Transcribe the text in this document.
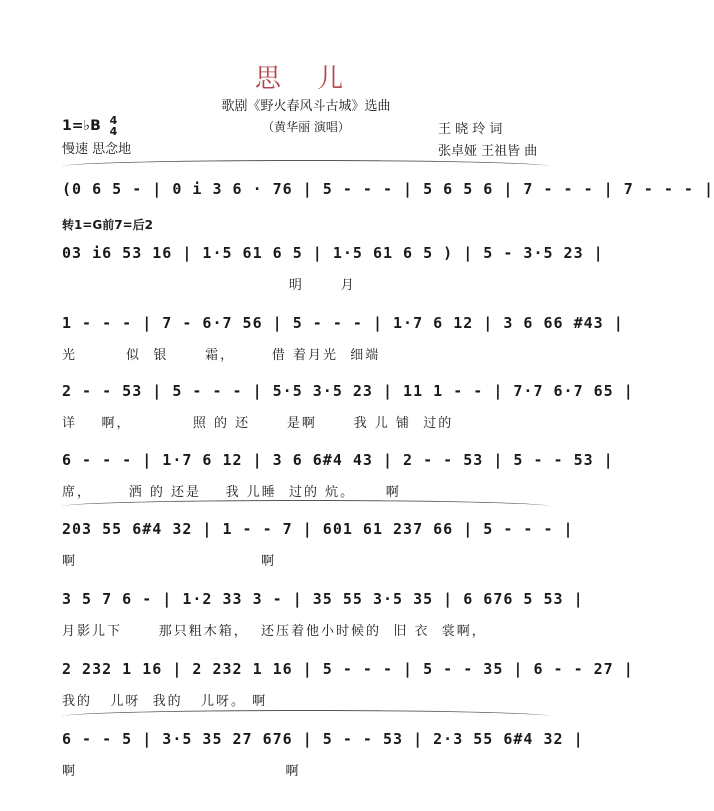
思 儿
歌剧《野火春风斗古城》选曲
（黄华丽 演唱）
1=♭B 4
4
慢速 思念地
王 晓 玲 词
张卓娅 王祖皆 曲
转1=G前7=后2
(0 6 5 - | 0 i 3 6 · 76 | 5 - - - | 5 6 5 6 | 7 - - - | 7 - - - |
03 i6 53 16 | 1·5 61 6 5 | 1·5 61 6 5 ) | 5 - 3·5 23 |
明      月
1 - - - | 7 - 6·7 56 | 5 - - - | 1·7 6 12 | 3 6 66 #43 |
光        似  银      霜，      借 着月光  细端
2 - - 53 | 5 - - - | 5·5 3·5 23 | 11 1 - - | 7·7 6·7 65 |
详    啊，          照 的 还      是啊      我 儿 铺  过的
6 - - - | 1·7 6 12 | 3 6 6#4 43 | 2 - - 53 | 5 - - 53 |
席，      洒 的 还是    我 儿睡  过的 炕。     啊
203 55 6#4 32 | 1 - - 7 | 601 61 237 66 | 5 - - - |
啊                              啊
3 5 7 6 - | 1·2 33 3 - | 35 55 3·5 35 | 6 676 5 53 |
月影儿下      那只粗木箱，  还压着他小时候的  旧 衣  裳啊，
2 232 1 16 | 2 232 1 16 | 5 - - - | 5 - - 35 | 6 - - 27 |
我的   儿呀  我的   儿呀。 啊
6 - - 5 | 3·5 35 27 676 | 5 - - 53 | 2·3 55 6#4 32 |
啊                                  啊
